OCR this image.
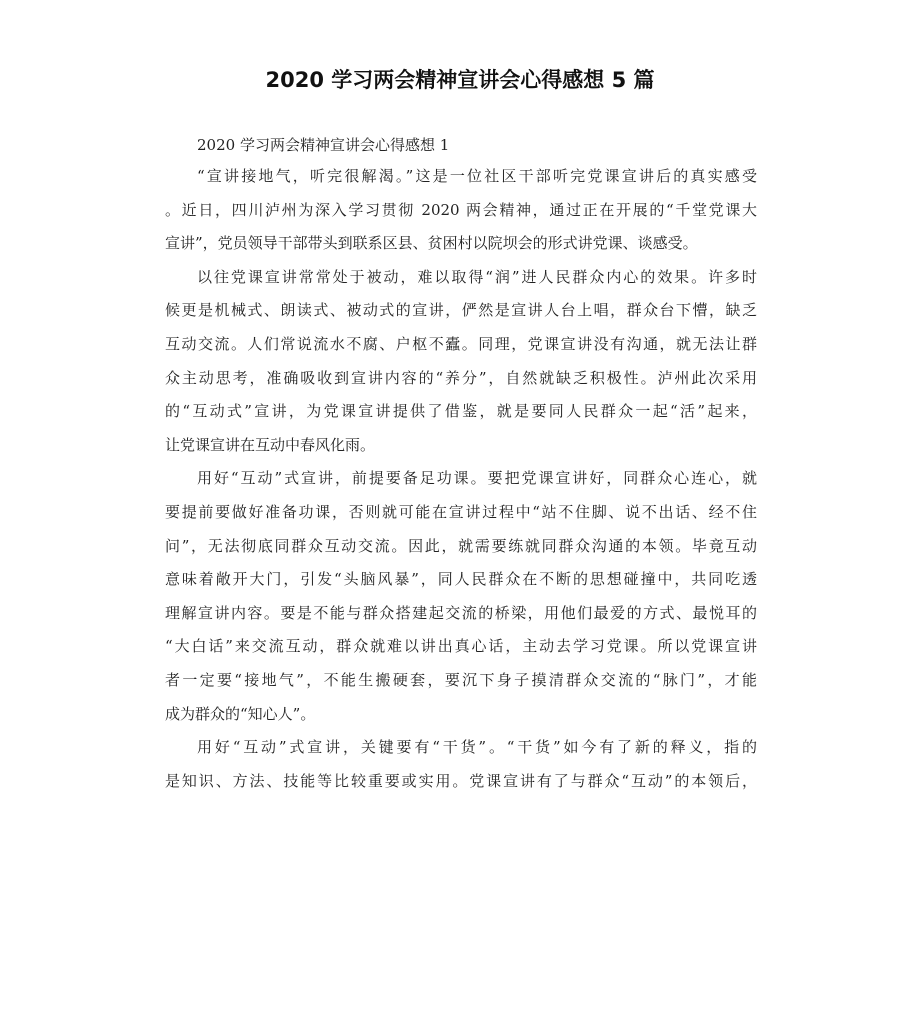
2020 学习两会精神宣讲会心得感想 5 篇

2020 学习两会精神宣讲会心得感想 1

“宣讲接地气，听完很解渴。”这是一位社区干部听完党课宣讲后的真实感受
。近日，四川泸州为深入学习贯彻 2020 两会精神，通过正在开展的“千堂党课大
宣讲”，党员领导干部带头到联系区县、贫困村以院坝会的形式讲党课、谈感受。

以往党课宣讲常常处于被动，难以取得“润”进人民群众内心的效果。许多时
候更是机械式、朗读式、被动式的宣讲，俨然是宣讲人台上唱，群众台下懵，缺乏
互动交流。人们常说流水不腐、户枢不蠹。同理，党课宣讲没有沟通，就无法让群
众主动思考，准确吸收到宣讲内容的“养分”，自然就缺乏积极性。泸州此次采用
的“互动式”宣讲，为党课宣讲提供了借鉴，就是要同人民群众一起“活”起来，
让党课宣讲在互动中春风化雨。

用好“互动”式宣讲，前提要备足功课。要把党课宣讲好，同群众心连心，就
要提前要做好准备功课，否则就可能在宣讲过程中“站不住脚、说不出话、经不住
问”，无法彻底同群众互动交流。因此，就需要练就同群众沟通的本领。毕竟互动
意味着敞开大门，引发“头脑风暴”，同人民群众在不断的思想碰撞中，共同吃透
理解宣讲内容。要是不能与群众搭建起交流的桥梁，用他们最爱的方式、最悦耳的
“大白话”来交流互动，群众就难以讲出真心话，主动去学习党课。所以党课宣讲
者一定要“接地气”，不能生搬硬套，要沉下身子摸清群众交流的“脉门”，才能
成为群众的“知心人”。

用好“互动”式宣讲，关键要有“干货”。“干货”如今有了新的释义，指的
是知识、方法、技能等比较重要或实用。党课宣讲有了与群众“互动”的本领后，
